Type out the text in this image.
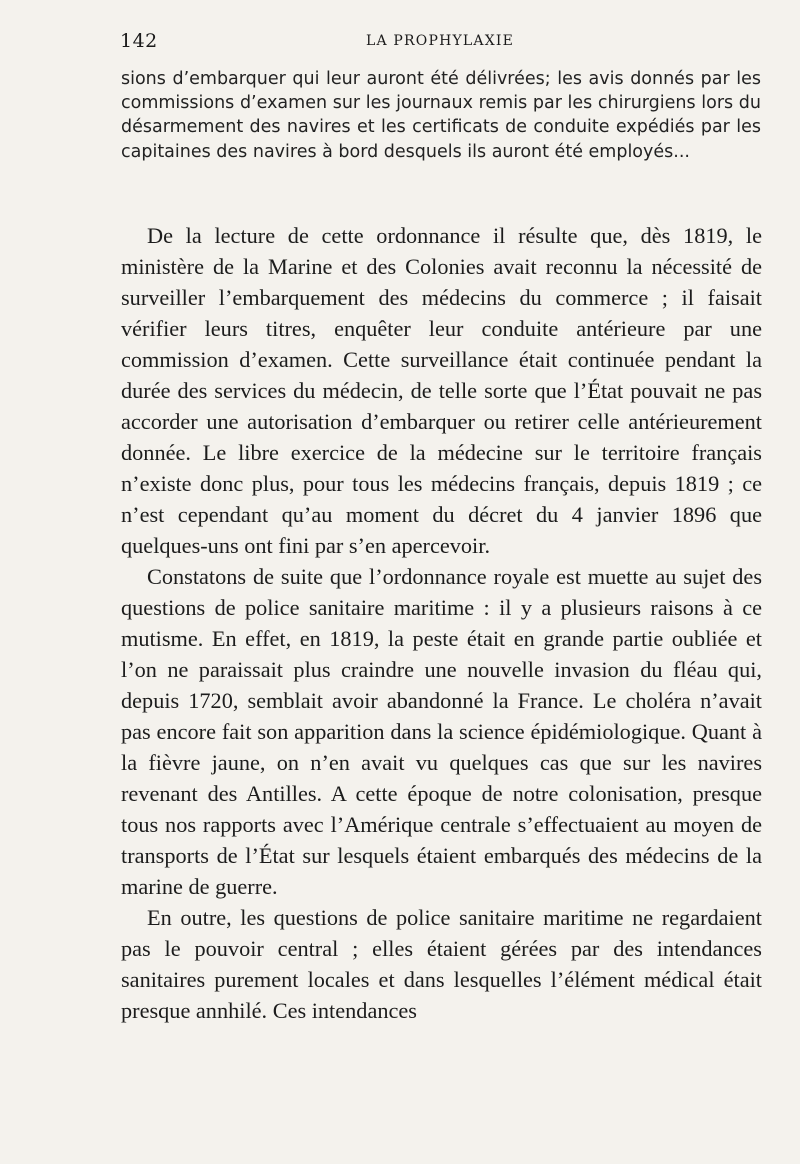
142	LA PROPHYLAXIE

sions d’embarquer qui leur auront été délivrées; les avis donnés par les commissions d’examen sur les journaux remis par les chirurgiens lors du désarmement des navires et les certificats de conduite expédiés par les capitaines des navires à bord desquels ils auront été employés...

De la lecture de cette ordonnance il résulte que, dès 1819, le ministère de la Marine et des Colonies avait reconnu la nécessité de surveiller l’embarquement des médecins du commerce ; il faisait vérifier leurs titres, enquêter leur conduite antérieure par une commission d’examen. Cette surveillance était continuée pendant la durée des services du médecin, de telle sorte que l’État pouvait ne pas accorder une autorisation d’embarquer ou retirer celle antérieurement donnée. Le libre exercice de la médecine sur le territoire français n’existe donc plus, pour tous les médecins français, depuis 1819 ; ce n’est cependant qu’au moment du décret du 4 janvier 1896 que quelques-uns ont fini par s’en apercevoir.

Constatons de suite que l’ordonnance royale est muette au sujet des questions de police sanitaire maritime : il y a plusieurs raisons à ce mutisme. En effet, en 1819, la peste était en grande partie oubliée et l’on ne paraissait plus craindre une nouvelle invasion du fléau qui, depuis 1720, semblait avoir abandonné la France. Le choléra n’avait pas encore fait son apparition dans la science épidémiologique. Quant à la fièvre jaune, on n’en avait vu quelques cas que sur les navires revenant des Antilles. A cette époque de notre colonisation, presque tous nos rapports avec l’Amérique centrale s’effectuaient au moyen de transports de l’État sur lesquels étaient embarqués des médecins de la marine de guerre.

En outre, les questions de police sanitaire maritime ne regardaient pas le pouvoir central ; elles étaient gérées par des intendances sanitaires purement locales et dans lesquelles l’élément médical était presque annhilé. Ces intendances
